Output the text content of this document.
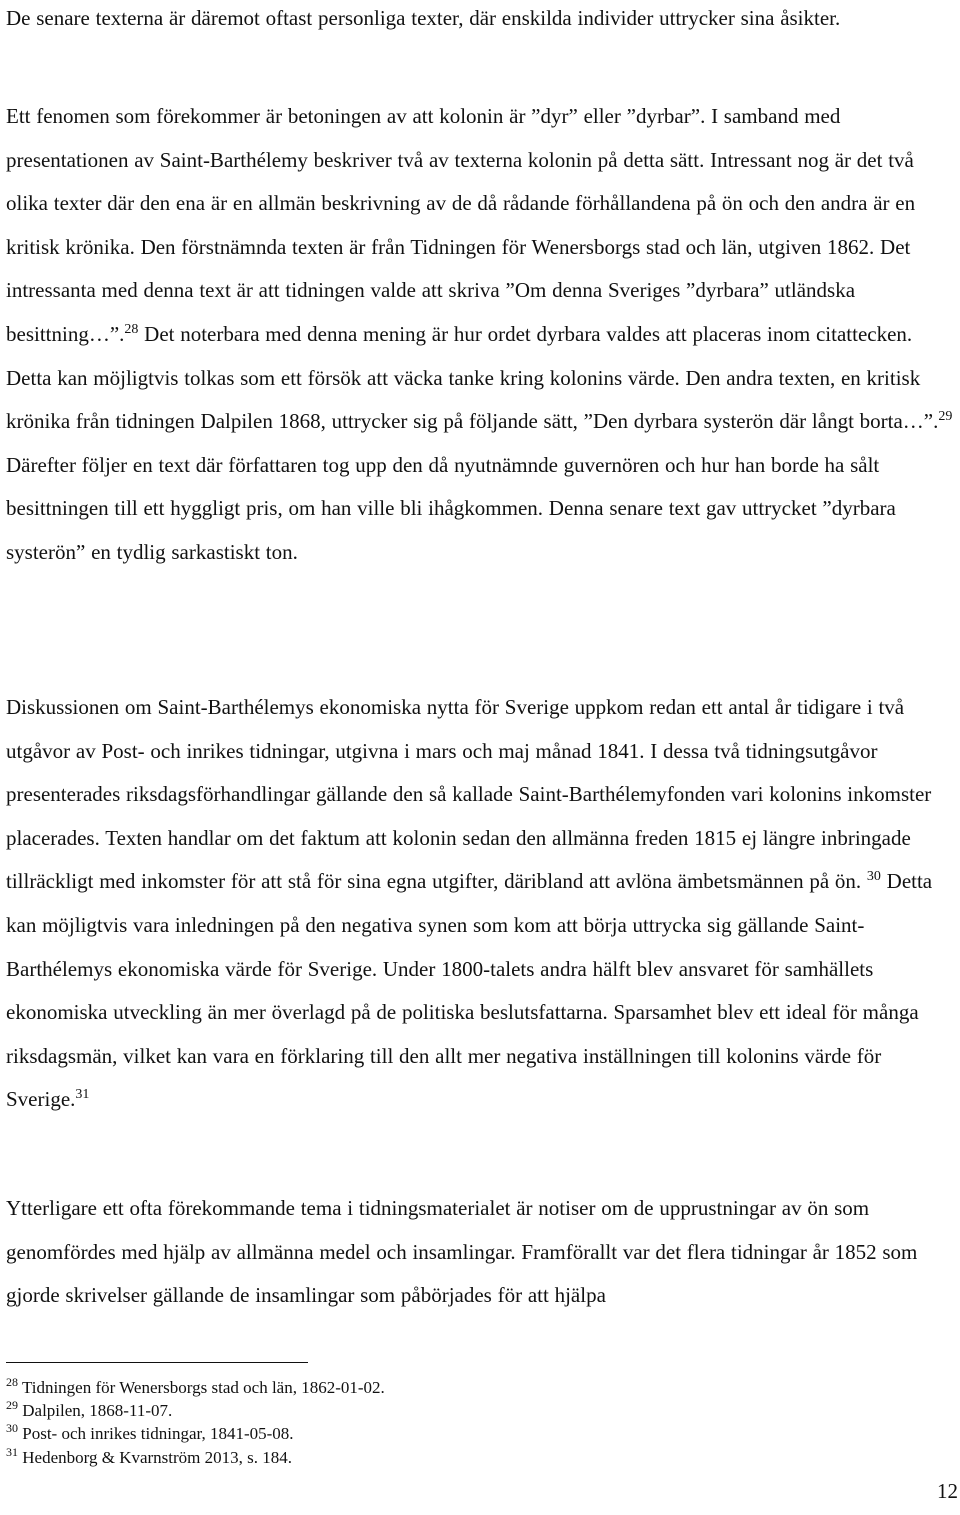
De senare texterna är däremot oftast personliga texter, där enskilda individer uttrycker sina åsikter.

Ett fenomen som förekommer är betoningen av att kolonin är ”dyr” eller ”dyrbar”. I samband med presentationen av Saint-Barthélemy beskriver två av texterna kolonin på detta sätt. Intressant nog är det två olika texter där den ena är en allmän beskrivning av de då rådande förhållandena på ön och den andra är en kritisk krönika. Den förstnämnda texten är från Tidningen för Wenersborgs stad och län, utgiven 1862. Det intressanta med denna text är att tidningen valde att skriva ”Om denna Sveriges ”dyrbara” utländska besittning…”.$^{28}$ Det noterbara med denna mening är hur ordet dyrbara valdes att placeras inom citattecken. Detta kan möjligtvis tolkas som ett försök att väcka tanke kring kolonins värde. Den andra texten, en kritisk krönika från tidningen Dalpilen 1868, uttrycker sig på följande sätt, ”Den dyrbara systerön där långt borta…”.$^{29}$ Därefter följer en text där författaren tog upp den då nyutnämnde guvernören och hur han borde ha sålt besittningen till ett hyggligt pris, om han ville bli ihågkommen. Denna senare text gav uttrycket ”dyrbara systerön” en tydlig sarkastiskt ton.

Diskussionen om Saint-Barthélemys ekonomiska nytta för Sverige uppkom redan ett antal år tidigare i två utgåvor av Post- och inrikes tidningar, utgivna i mars och maj månad 1841. I dessa två tidningsutgåvor presenterades riksdagsförhandlingar gällande den så kallade Saint-Barthélemyfonden vari kolonins inkomster placerades. Texten handlar om det faktum att kolonin sedan den allmänna freden 1815 ej längre inbringade tillräckligt med inkomster för att stå för sina egna utgifter, däribland att avlöna ämbetsmännen på ön. $^{30}$ Detta kan möjligtvis vara inledningen på den negativa synen som kom att börja uttrycka sig gällande Saint-Barthélemys ekonomiska värde för Sverige. Under 1800-talets andra hälft blev ansvaret för samhällets ekonomiska utveckling än mer överlagd på de politiska beslutsfattarna. Sparsamhet blev ett ideal för många riksdagsmän, vilket kan vara en förklaring till den allt mer negativa inställningen till kolonins värde för Sverige.$^{31}$

Ytterligare ett ofta förekommande tema i tidningsmaterialet är notiser om de upprustningar av ön som genomfördes med hjälp av allmänna medel och insamlingar. Framförallt var det flera tidningar år 1852 som gjorde skrivelser gällande de insamlingar som påbörjades för att hjälpa

$^{28}$ Tidningen för Wenersborgs stad och län, 1862-01-02.

$^{29}$ Dalpilen, 1868-11-07.

$^{30}$ Post- och inrikes tidningar, 1841-05-08.

$^{31}$ Hedenborg & Kvarnström 2013, s. 184.

12
